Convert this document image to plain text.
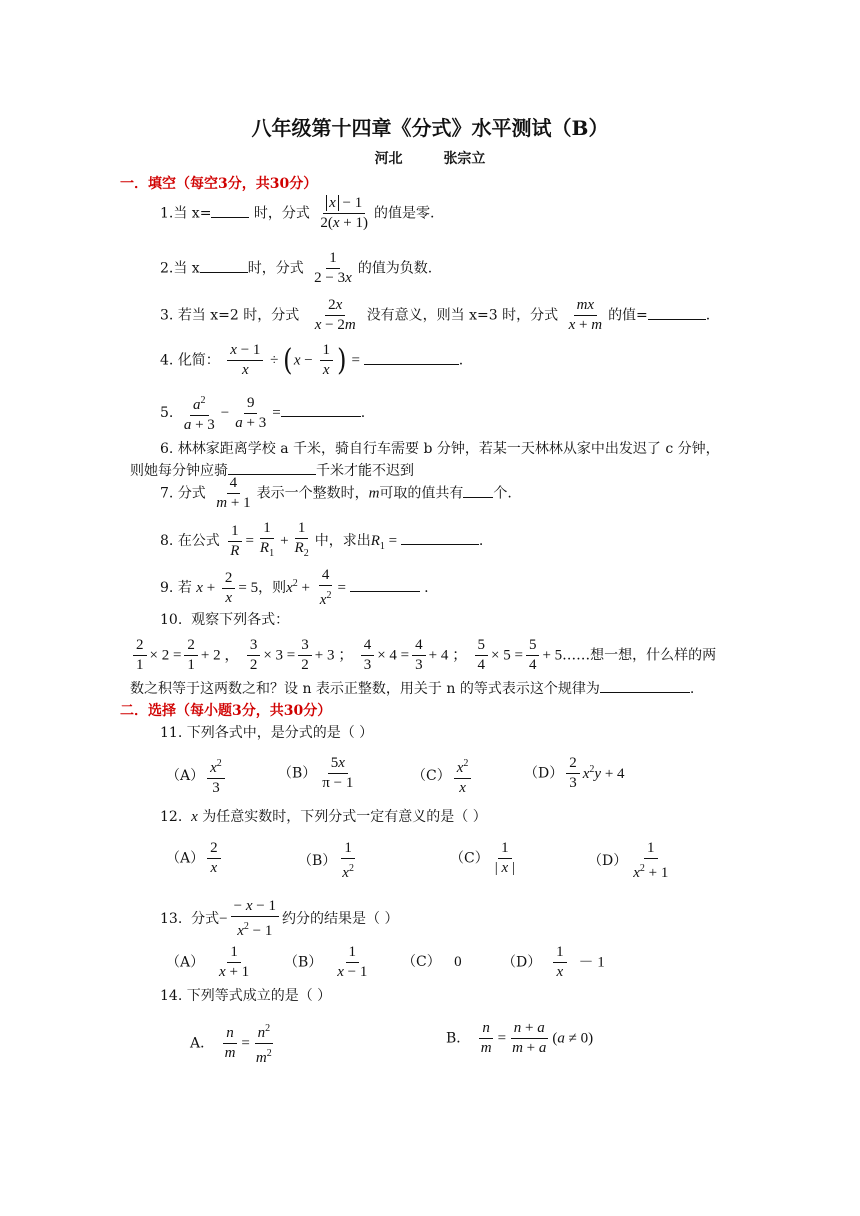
八年级第十四章《分式》水平测试（B）
河北	张宗立
一．填空（每空3分，共30分）
1.当 x=	时，分式 $\frac{x - 1}{2(x + 1)}$ 的值是零.
2.当 x	时，分式 $\frac{1}{2 - 3x}$ 的值为负数.
3. 若当 x=2 时，分式 $\frac{2x}{x - 2m}$ 没有意义，则当 x=3 时，分式 $\frac{mx}{x + m}$ 的值=	.
4. 化简： $\frac{x - 1}{x} \div (x - \frac{1}{x}$ ) =	.
5. $\frac{a^2}{a + 3} - \frac{9}{a + 3}$ =	.
6. 林林家距离学校 a 千米，骑自行车需要 b 分钟，若某一天林林从家中出发迟了 c 分钟，
则她每分钟应骑	千米才能不迟到
7. 分式 $\frac{4}{m + 1}$ 表示一个整数时，m可取的值共有 个.
8. 在公式 $\frac{1}{R} = \frac{1}{R_1} + \frac{1}{R_2}$ 中，求出$R_1$ =	.
9. 若 $x + \frac{2}{x} = 5$，则$x^2 + \frac{4}{x^2}$ =	.
10. 观察下列各式：
$\frac{2}{1} \times 2 = \frac{2}{1} + 2$ ， $\frac{3}{2} \times 3 = \frac{3}{2} + 3$ ； $\frac{4}{3} \times 4 = \frac{4}{3} + 4$ ； $\frac{5}{4} \times 5 = \frac{5}{4}$ + 5……想一想，什么样的两
数之积等于这两数之和？设 n 表示正整数，用关于 n 的等式表示这个规律为	.
二．选择（每小题3分，共30分）
11. 下列各式中，是分式的是（ ）
$(A) \frac{x^2}{3}$	$(B) \frac{5x}{\pi - 1}$	$(C) \frac{x^2}{x}$	$(D) \frac{2}{3} x^2y + 4$
12. x 为任意实数时，下列分式一定有意义的是（ ）
$(A) \frac{2}{x}$	$(B) \frac{1}{x^2}$	$(C) \frac{1}{| x |}$	$(D) \frac{1}{x^2 + 1}$
13. 分式− $\frac{- x - 1}{x^2 - 1}$ 约分的结果是（ ）
$(A) \frac{1}{x + 1} (B) \frac{1}{x - 1} (C)$ 0	$(D) \frac{1}{x} - 1$
14. 下列等式成立的是（ ）
A． $\frac{n}{m} = \frac{n^2}{m^2}$	B． $\frac{n}{m} = \frac{n + a}{m + a} (a \ne 0)$
